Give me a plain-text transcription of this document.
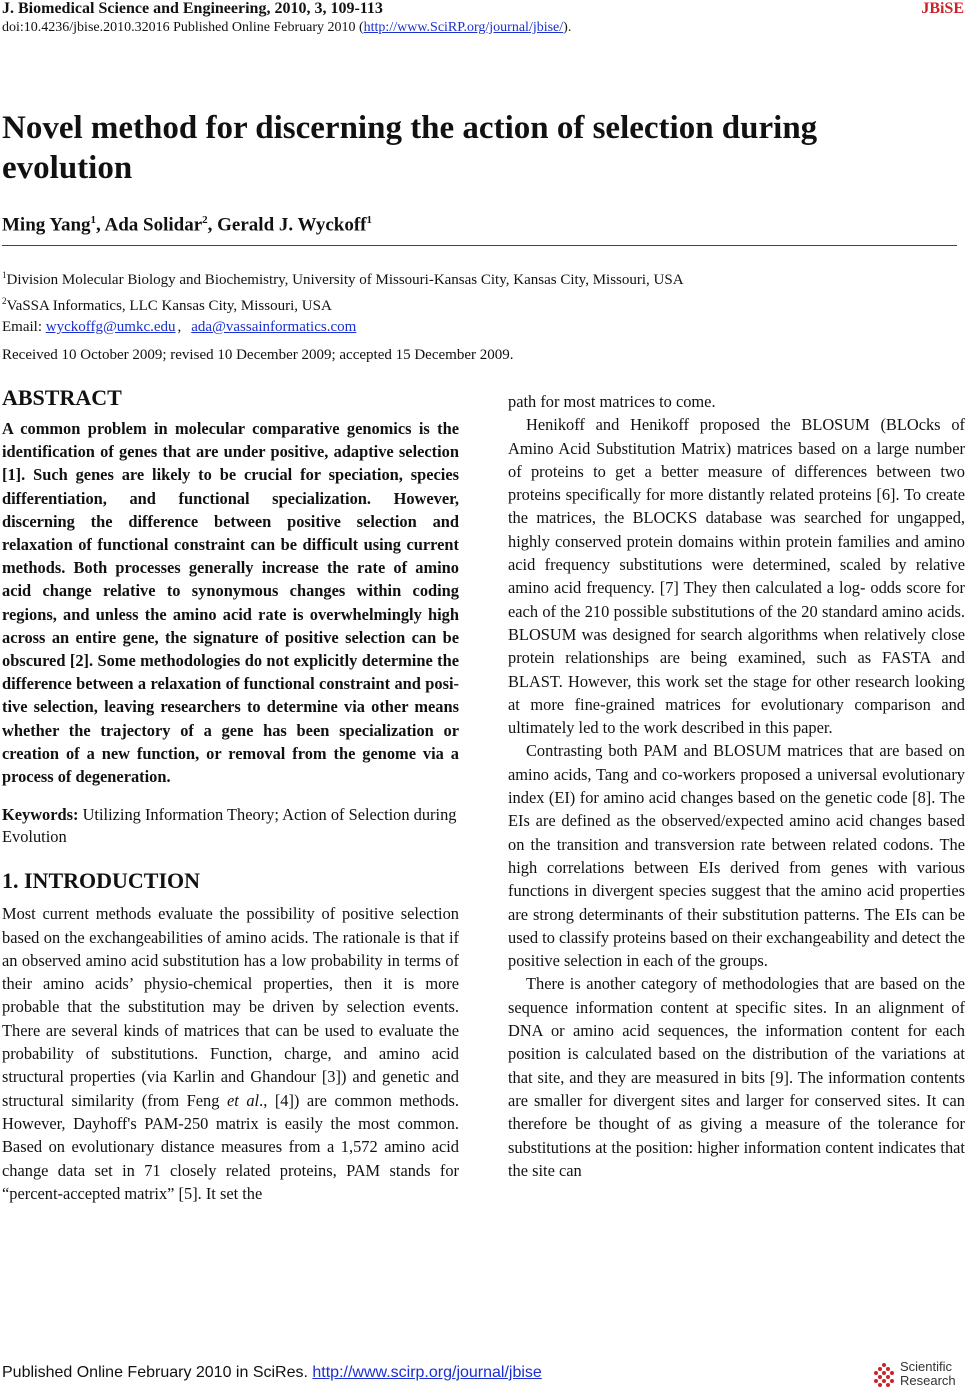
J. Biomedical Science and Engineering, 2010, 3, 109-113	JBiSE
doi:10.4236/jbise.2010.32016 Published Online February 2010 (http://www.SciRP.org/journal/jbise/).
Novel method for discerning the action of selection during evolution
Ming Yang$^1$, Ada Solidar$^2$, Gerald J. Wyckoff$^1$
$^1$Division Molecular Biology and Biochemistry, University of Missouri-Kansas City, Kansas City, Missouri, USA
$^2$VaSSA Informatics, LLC Kansas City, Missouri, USA
Email: wyckoffg@umkc.edu , ada@vassainformatics.com
Received 10 October 2009; revised 10 December 2009; accepted 15 December 2009.
ABSTRACT

A common problem in molecular comparative genomics is the identification of genes that are under positive, adaptive selection [1]. Such genes are likely to be crucial for speciation, species differentiation, and functional specialization. However, discerning the difference between positive selection and relaxation of functional constraint can be difficult using current methods. Both processes generally increase the rate of amino acid change relative to synonymous changes within coding regions, and unless the amino acid rate is overwhelmingly high across an entire gene, the signature of positive selection can be obscured [2]. Some methodologies do not explicitly determine the difference between a relaxation of functional constraint and positive selection, leaving researchers to determine via other means whether the trajectory of a gene has been specialization or creation of a new function, or removal from the genome via a process of degeneration.

Keywords: Utilizing Information Theory; Action of Selection during Evolution

1. INTRODUCTION

Most current methods evaluate the possibility of positive selection based on the exchangeabilities of amino acids. The rationale is that if an observed amino acid substitution has a low probability in terms of their amino acids’ physio-chemical properties, then it is more probable that the substitution may be driven by selection events. There are several kinds of matrices that can be used to evaluate the probability of substitutions. Function, charge, and amino acid structural properties (via Karlin and Ghandour [3]) and genetic and structural similarity (from Feng et al., [4]) are common methods. However, Dayhoff's PAM-250 matrix is easily the most common. Based on evolutionary distance measures from a 1,572 amino acid change data set in 71 closely related proteins, PAM stands for “percent-accepted matrix” [5]. It set the

path for most matrices to come.

Henikoff and Henikoff proposed the BLOSUM (BLOcks of Amino Acid Substitution Matrix) matrices based on a large number of proteins to get a better measure of differences between two proteins specifically for more distantly related proteins [6]. To create the matrices, the BLOCKS database was searched for ungapped, highly conserved protein domains within protein families and amino acid frequency substitutions were determined, scaled by relative amino acid frequency. [7] They then calculated a log- odds score for each of the 210 possible substitutions of the 20 standard amino acids. BLOSUM was designed for search algorithms when relatively close protein relationships are being examined, such as FASTA and BLAST. However, this work set the stage for other research looking at more fine-grained matrices for evolutionary comparison and ultimately led to the work described in this paper.

Contrasting both PAM and BLOSUM matrices that are based on amino acids, Tang and co-workers proposed a universal evolutionary index (EI) for amino acid changes based on the genetic code [8]. The EIs are defined as the observed/expected amino acid changes based on the transition and transversion rate between related codons. The high correlations between EIs derived from genes with various functions in divergent species suggest that the amino acid properties are strong determinants of their substitution patterns. The EIs can be used to classify proteins based on their exchangeability and detect the positive selection in each of the groups.

There is another category of methodologies that are based on the sequence information content at specific sites. In an alignment of DNA or amino acid sequences, the information content for each position is calculated based on the distribution of the variations at that site, and they are measured in bits [9]. The information contents are smaller for divergent sites and larger for conserved sites. It can therefore be thought of as giving a measure of the tolerance for substitutions at the position: higher information content indicates that the site can

Published Online February 2010 in SciRes. http://www.scirp.org/journal/jbise	Scientific
Research
